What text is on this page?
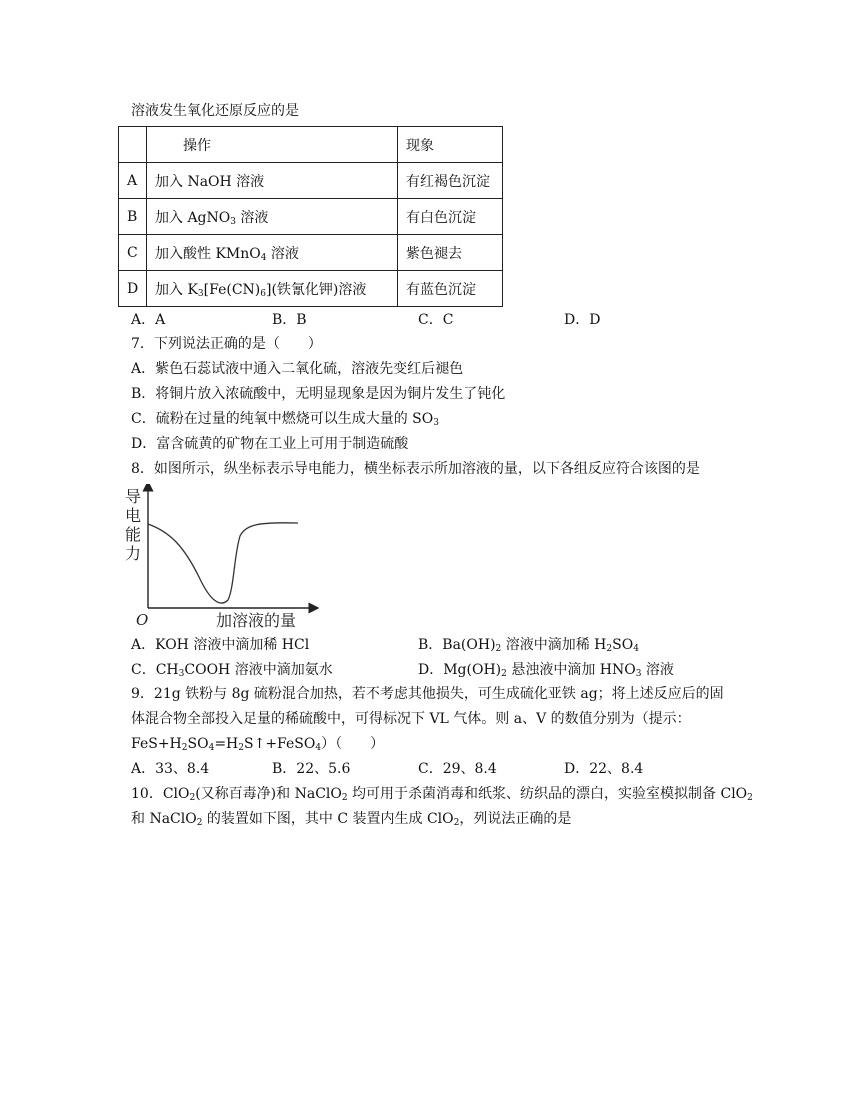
溶液发生氧化还原反应的是
	操作	现象
A	加入 NaOH 溶液	有红褐色沉淀
B	加入 AgNO$_3$ 溶液	有白色沉淀
C	加入酸性 KMnO$_4$ 溶液	紫色褪去
D	加入 $K_3[Fe(CN)_6]$(铁氰化钾)溶液	有蓝色沉淀
A．A	B．B	C．C	D．D
7．下列说法正确的是（　　）
A．紫色石蕊试液中通入二氧化硫，溶液先变红后褪色
B．将铜片放入浓硫酸中，无明显现象是因为铜片发生了钝化
C．硫粉在过量的纯氧中燃烧可以生成大量的 $SO_3$
D．富含硫黄的矿物在工业上可用于制造硫酸
8．如图所示，纵坐标表示导电能力，横坐标表示所加溶液的量，以下各组反应符合该图的是
导
电
能
力
O	加溶液的量
A．KOH 溶液中滴加稀 HCl	B．$Ba(OH)_2$ 溶液中滴加稀 $H_2SO_4$
C．$CH_3COOH$ 溶液中滴加氨水	D．$Mg(OH)_2$ 悬浊液中滴加 $HNO_3$ 溶液
9．21g 铁粉与 8g 硫粉混合加热，若不考虑其他损失，可生成硫化亚铁 ag；将上述反应后的固
体混合物全部投入足量的稀硫酸中，可得标况下 VL 气体。则 a、V 的数值分别为（提示：
$FeS+H_2SO_4=H_2S↑+FeSO_4$）（　　）
A．33、8.4	B．22、5.6	C．29、8.4	D．22、8.4
10．ClO$_2$(又称百毒净)和 NaClO$_2$ 均可用于杀菌消毒和纸浆、纺织品的漂白，实验室模拟制备 ClO$_2$
和 NaClO$_2$ 的装置如下图，其中 C 装置内生成 ClO$_2$，列说法正确的是
